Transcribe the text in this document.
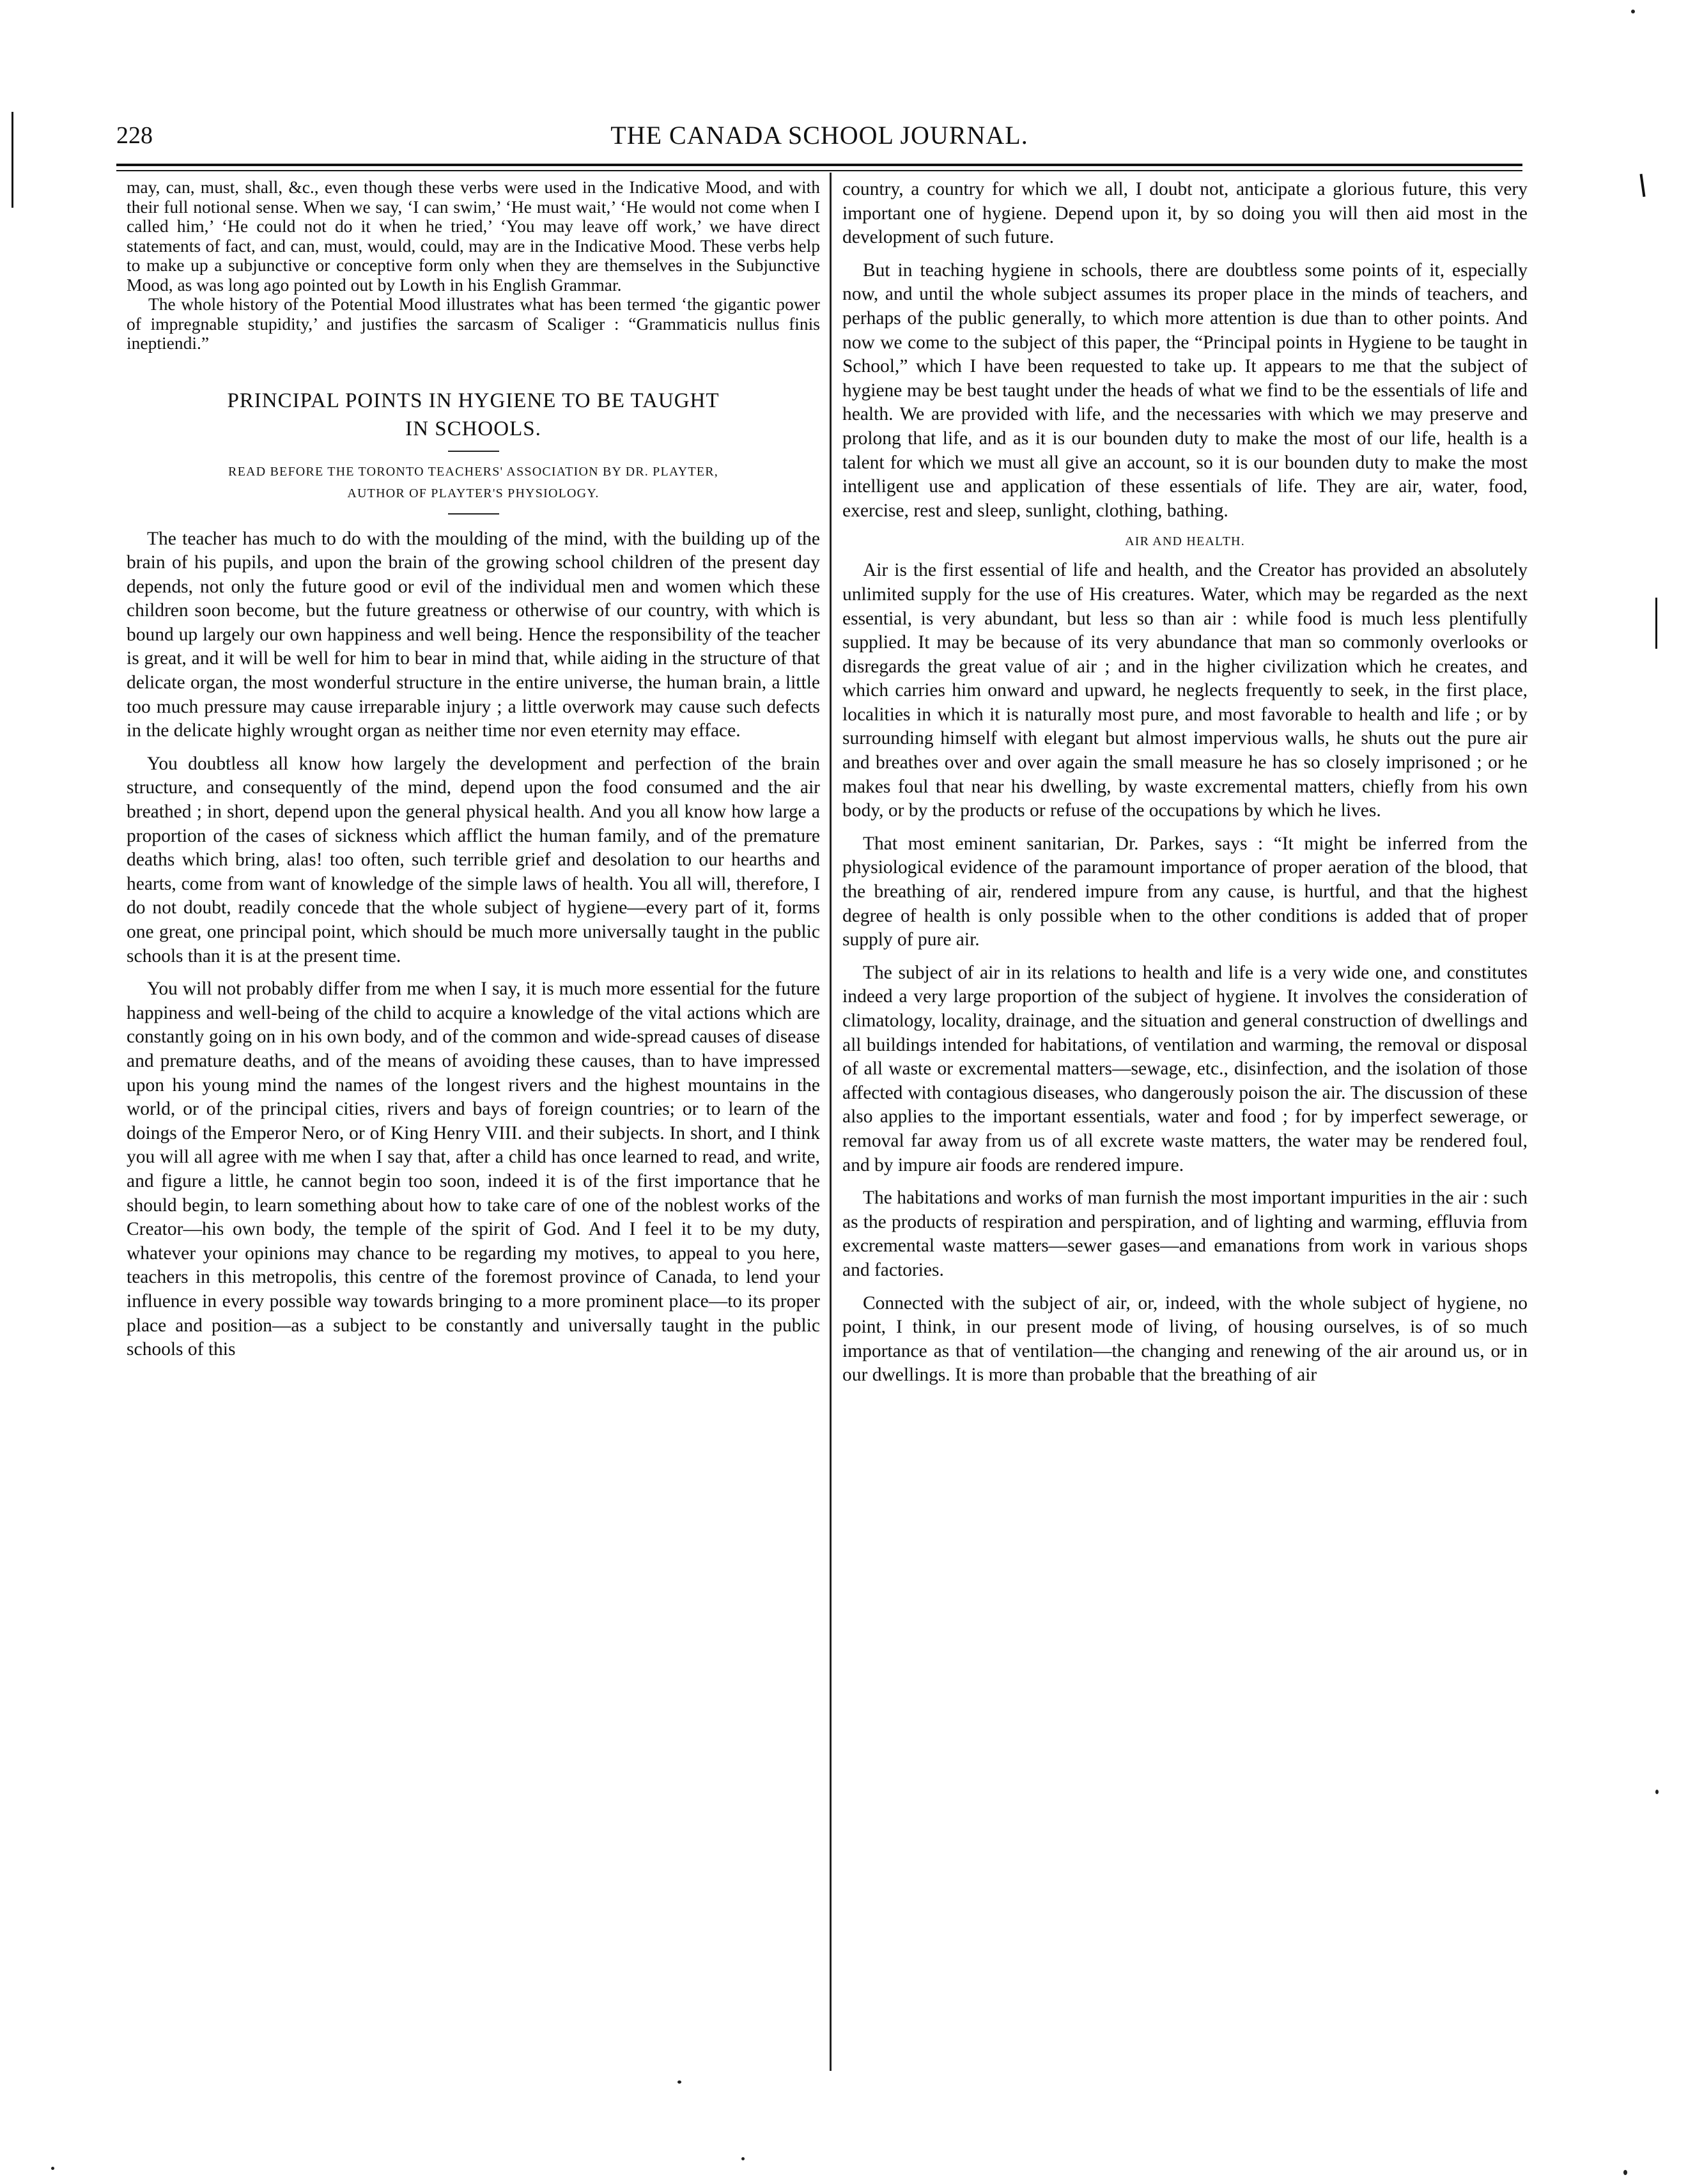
228	THE CANADA SCHOOL JOURNAL.

may, can, must, shall, &c., even though these verbs were used in the Indicative Mood, and with their full notional sense. When we say, ‘I can swim,’ ‘He must wait,’ ‘He would not come when I called him,’ ‘He could not do it when he tried,’ ‘You may leave off work,’ we have direct statements of fact, and can, must, would, could, may are in the Indicative Mood. These verbs help to make up a subjunctive or conceptive form only when they are themselves in the Subjunctive Mood, as was long ago pointed out by Lowth in his English Grammar.

The whole history of the Potential Mood illustrates what has been termed ‘the gigantic power of impregnable stupidity,’ and justifies the sarcasm of Scaliger : “Grammaticis nullus finis ineptiendi.”

PRINCIPAL POINTS IN HYGIENE TO BE TAUGHT
IN SCHOOLS.

READ BEFORE THE TORONTO TEACHERS' ASSOCIATION BY DR. PLAYTER,
AUTHOR OF PLAYTER'S PHYSIOLOGY.

The teacher has much to do with the moulding of the mind, with the building up of the brain of his pupils, and upon the brain of the growing school children of the present day depends, not only the future good or evil of the individual men and women which these children soon become, but the future greatness or otherwise of our country, with which is bound up largely our own happiness and well being. Hence the responsibility of the teacher is great, and it will be well for him to bear in mind that, while aiding in the structure of that delicate organ, the most wonderful structure in the entire universe, the human brain, a little too much pressure may cause irreparable injury ; a little overwork may cause such defects in the delicate highly wrought organ as neither time nor even eternity may efface.

You doubtless all know how largely the development and perfection of the brain structure, and consequently of the mind, depend upon the food consumed and the air breathed ; in short, depend upon the general physical health. And you all know how large a proportion of the cases of sickness which afflict the human family, and of the premature deaths which bring, alas! too often, such terrible grief and desolation to our hearths and hearts, come from want of knowledge of the simple laws of health. You all will, therefore, I do not doubt, readily concede that the whole subject of hygiene—every part of it, forms one great, one principal point, which should be much more universally taught in the public schools than it is at the present time.

You will not probably differ from me when I say, it is much more essential for the future happiness and well-being of the child to acquire a knowledge of the vital actions which are constantly going on in his own body, and of the common and wide-spread causes of disease and premature deaths, and of the means of avoiding these causes, than to have impressed upon his young mind the names of the longest rivers and the highest mountains in the world, or of the principal cities, rivers and bays of foreign countries; or to learn of the doings of the Emperor Nero, or of King Henry VIII. and their subjects. In short, and I think you will all agree with me when I say that, after a child has once learned to read, and write, and figure a little, he cannot begin too soon, indeed it is of the first importance that he should begin, to learn something about how to take care of one of the noblest works of the Creator—his own body, the temple of the spirit of God. And I feel it to be my duty, whatever your opinions may chance to be regarding my motives, to appeal to you here, teachers in this metropolis, this centre of the foremost province of Canada, to lend your influence in every possible way towards bringing to a more prominent place—to its proper place and position—as a subject to be constantly and universally taught in the public schools of this

country, a country for which we all, I doubt not, anticipate a glorious future, this very important one of hygiene. Depend upon it, by so doing you will then aid most in the development of such future.

But in teaching hygiene in schools, there are doubtless some points of it, especially now, and until the whole subject assumes its proper place in the minds of teachers, and perhaps of the public generally, to which more attention is due than to other points. And now we come to the subject of this paper, the “Principal points in Hygiene to be taught in School,” which I have been requested to take up. It appears to me that the subject of hygiene may be best taught under the heads of what we find to be the essentials of life and health. We are provided with life, and the necessaries with which we may preserve and prolong that life, and as it is our bounden duty to make the most of our life, health is a talent for which we must all give an account, so it is our bounden duty to make the most intelligent use and application of these essentials of life. They are air, water, food, exercise, rest and sleep, sunlight, clothing, bathing.

AIR AND HEALTH.

Air is the first essential of life and health, and the Creator has provided an absolutely unlimited supply for the use of His creatures. Water, which may be regarded as the next essential, is very abundant, but less so than air : while food is much less plentifully supplied. It may be because of its very abundance that man so commonly overlooks or disregards the great value of air ; and in the higher civilization which he creates, and which carries him onward and upward, he neglects frequently to seek, in the first place, localities in which it is naturally most pure, and most favorable to health and life ; or by surrounding himself with elegant but almost impervious walls, he shuts out the pure air and breathes over and over again the small measure he has so closely imprisoned ; or he makes foul that near his dwelling, by waste excremental matters, chiefly from his own body, or by the products or refuse of the occupations by which he lives.

That most eminent sanitarian, Dr. Parkes, says : “It might be inferred from the physiological evidence of the paramount importance of proper aeration of the blood, that the breathing of air, rendered impure from any cause, is hurtful, and that the highest degree of health is only possible when to the other conditions is added that of proper supply of pure air.

The subject of air in its relations to health and life is a very wide one, and constitutes indeed a very large proportion of the subject of hygiene. It involves the consideration of climatology, locality, drainage, and the situation and general construction of dwellings and all buildings intended for habitations, of ventilation and warming, the removal or disposal of all waste or excremental matters—sewage, etc., disinfection, and the isolation of those affected with contagious diseases, who dangerously poison the air. The discussion of these also applies to the important essentials, water and food ; for by imperfect sewerage, or removal far away from us of all excrete waste matters, the water may be rendered foul, and by impure air foods are rendered impure.

The habitations and works of man furnish the most important impurities in the air : such as the products of respiration and perspiration, and of lighting and warming, effluvia from excremental waste matters—sewer gases—and emanations from work in various shops and factories.

Connected with the subject of air, or, indeed, with the whole subject of hygiene, no point, I think, in our present mode of living, of housing ourselves, is of so much importance as that of ventilation—the changing and renewing of the air around us, or in our dwellings. It is more than probable that the breathing of air
